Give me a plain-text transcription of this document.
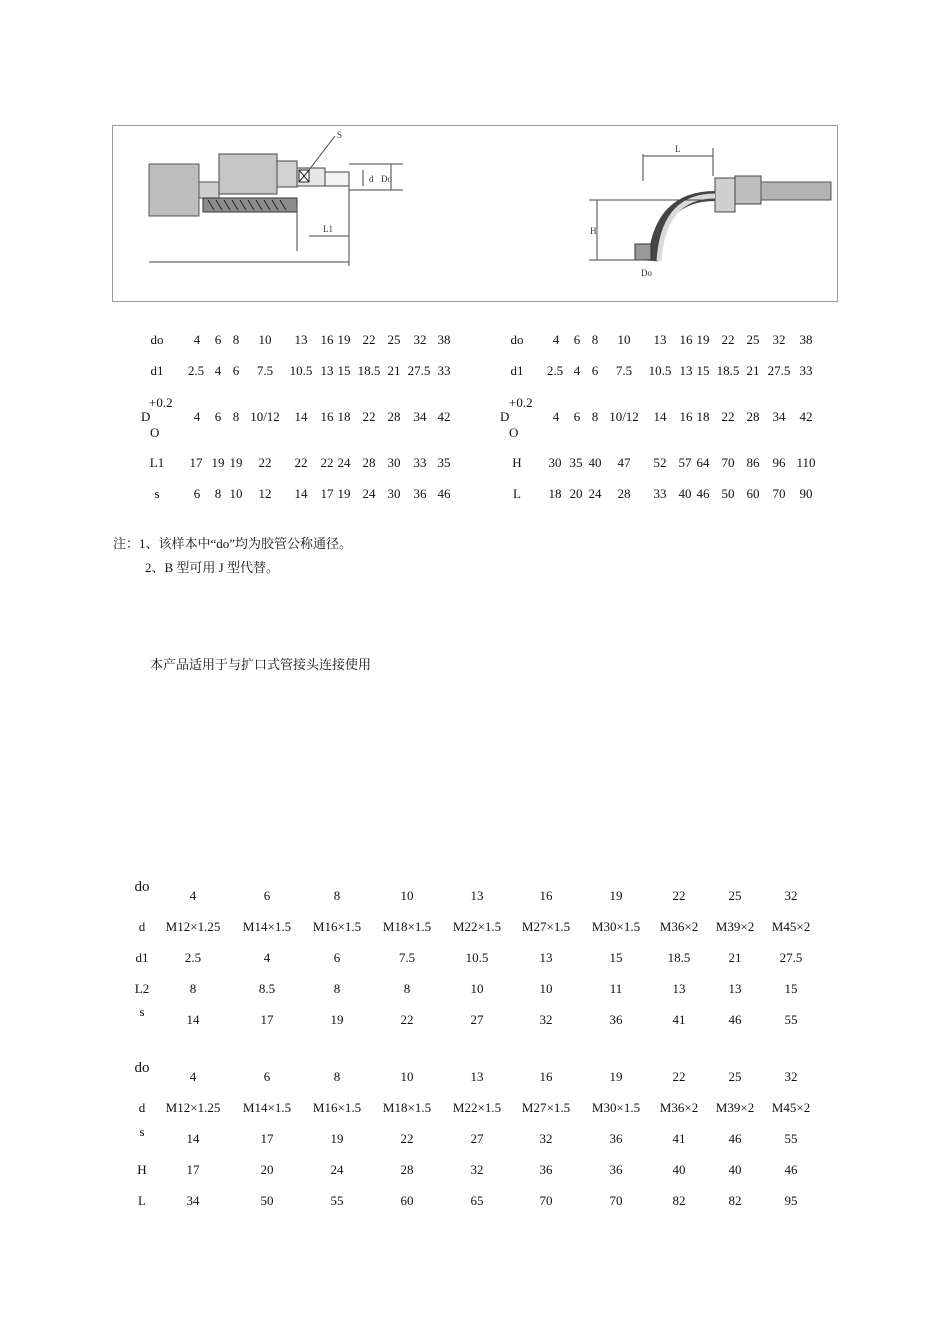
L1
d Do
S
L
H
Do
do 4 6 8 10 13 16 19 22 25 32 38
d1 2.5 4 6 7.5 10.5 13 15 18.5 21 27.5 33
+0.2
D
O
4 6 8 10/12 14 16 18 22 28 34 42
L1 17 19 19 22 22 22 24 28 30 33 35
s	6 8 10 12 14 17 19 24 30 36 46
do 4 6 8 10 13 16 19 22 25 32 38
d1 2.5 4 6 7.5 10.5 13 15 18.5 21 27.5 33
+0.2
D
O
4 6 8 10/12 14 16 18 22 28 34 42
H 30 35 40 47 52 57 64 70 86 96 110
L 18 20 24 28 33 40 46 50 60 70 90
注：1、该样本中“do”均为胶管公称通径。
2、B 型可用 J 型代替。
本产品适用于与扩口式管接头连接使用
do
4	6	8	10	13	16	19	22	25	32
d M12×1.25 M14×1.5 M16×1.5 M18×1.5 M22×1.5 M27×1.5 M30×1.5 M36×2 M39×2 M45×2
d1	2.5	4	6	7.5	10.5	13	15	18.5	21	27.5
L2	8	8.5	8	8	10	10	11	13	13	15
s
14	17	19	22	27	32	36	41	46	55
do
4	6	8	10	13	16	19	22	25	32
d M12×1.25 M14×1.5 M16×1.5 M18×1.5 M22×1.5 M27×1.5 M30×1.5 M36×2 M39×2 M45×2
s	14	17	19	22	27	32	36	41	46	55
H	17	20	24	28	32	36	36	40	40	46
L	34	50	55	60	65	70	70	82	82	95
